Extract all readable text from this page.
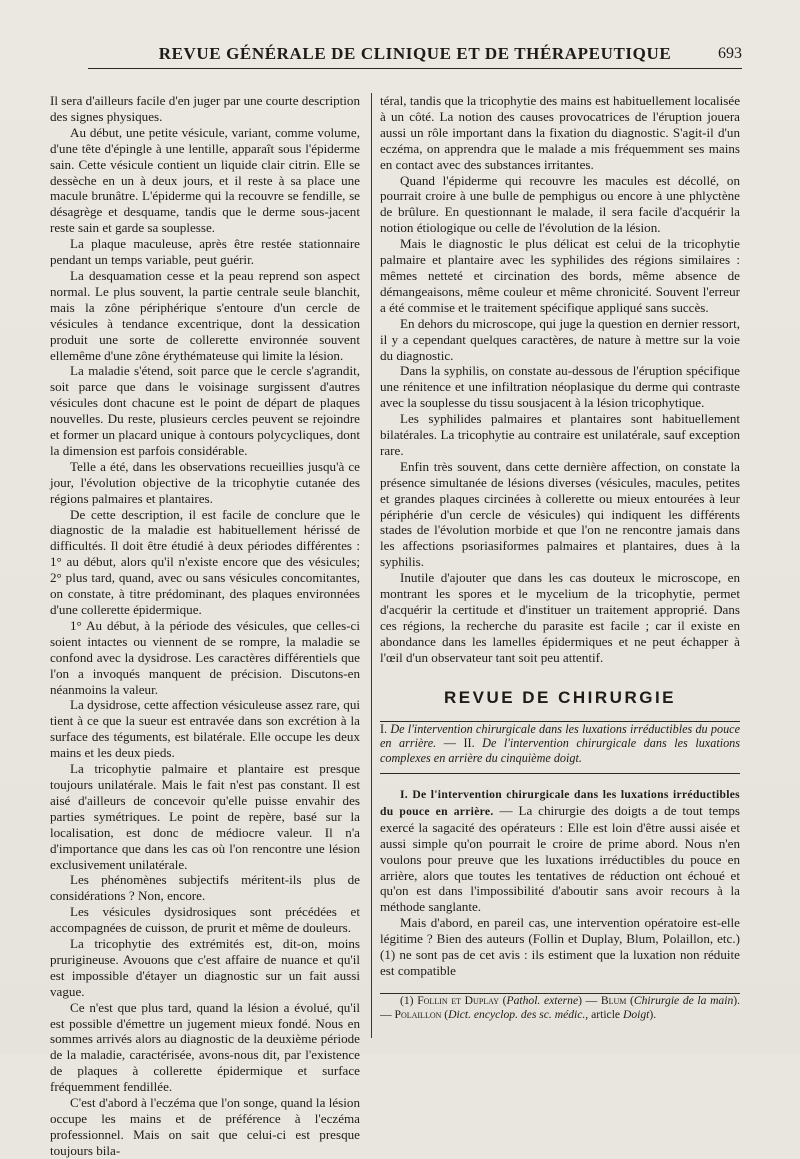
REVUE GÉNÉRALE DE CLINIQUE ET DE THÉRAPEUTIQUE	693

Il sera d'ailleurs facile d'en juger par une courte description des signes physiques.

Au début, une petite vésicule, variant, comme volume, d'une tête d'épingle à une lentille, apparaît sous l'épiderme sain. Cette vésicule contient un liquide clair citrin. Elle se dessèche en un à deux jours, et il reste à sa place une macule brunâtre. L'épiderme qui la recouvre se fendille, se désagrège et desquame, tandis que le derme sous-jacent reste sain et garde sa souplesse.

La plaque maculeuse, après être restée stationnaire pendant un temps variable, peut guérir.

La desquamation cesse et la peau reprend son aspect normal. Le plus souvent, la partie centrale seule blanchit, mais la zône périphérique s'entoure d'un cercle de vésicules à tendance excentrique, dont la dessication produit une sorte de collerette environnée souvent ellemême d'une zône érythémateuse qui limite la lésion.

La maladie s'étend, soit parce que le cercle s'agrandit, soit parce que dans le voisinage surgissent d'autres vésicules dont chacune est le point de départ de plaques nouvelles. Du reste, plusieurs cercles peuvent se rejoindre et former un placard unique à contours polycycliques, dont la dimension est parfois considérable.

Telle a été, dans les observations recueillies jusqu'à ce jour, l'évolution objective de la tricophytie cutanée des régions palmaires et plantaires.

De cette description, il est facile de conclure que le diagnostic de la maladie est habituellement hérissé de difficultés. Il doit être étudié à deux périodes différentes : 1° au début, alors qu'il n'existe encore que des vésicules; 2° plus tard, quand, avec ou sans vésicules concomitantes, on constate, à titre prédominant, des plaques environnées d'une collerette épidermique.

1° Au début, à la période des vésicules, que celles-ci soient intactes ou viennent de se rompre, la maladie se confond avec la dysidrose. Les caractères différentiels que l'on a invoqués manquent de précision. Discutons-en néanmoins la valeur.

La dysidrose, cette affection vésiculeuse assez rare, qui tient à ce que la sueur est entravée dans son excrétion à la surface des téguments, est bilatérale. Elle occupe les deux mains et les deux pieds.

La tricophytie palmaire et plantaire est presque toujours unilatérale. Mais le fait n'est pas constant. Il est aisé d'ailleurs de concevoir qu'elle puisse envahir des parties symétriques. Le point de repère, basé sur la localisation, est donc de médiocre valeur. Il n'a d'importance que dans les cas où l'on rencontre une lésion exclusivement unilatérale.

Les phénomènes subjectifs méritent-ils plus de considérations ? Non, encore.

Les vésicules dysidrosiques sont précédées et accompagnées de cuisson, de prurit et même de douleurs.

La tricophytie des extrémités est, dit-on, moins prurigineuse. Avouons que c'est affaire de nuance et qu'il est impossible d'étayer un diagnostic sur un fait aussi vague.

Ce n'est que plus tard, quand la lésion a évolué, qu'il est possible d'émettre un jugement mieux fondé. Nous en sommes arrivés alors au diagnostic de la deuxième période de la maladie, caractérisée, avons-nous dit, par l'existence de plaques à collerette épidermique et surface fréquemment fendillée.

C'est d'abord à l'eczéma que l'on songe, quand la lésion occupe les mains et de préférence à l'eczéma professionnel. Mais on sait que celui-ci est presque toujours bila-

téral, tandis que la tricophytie des mains est habituellement localisée à un côté. La notion des causes provocatrices de l'éruption jouera aussi un rôle important dans la fixation du diagnostic. S'agit-il d'un eczéma, on apprendra que le malade a mis fréquemment ses mains en contact avec des substances irritantes.

Quand l'épiderme qui recouvre les macules est décollé, on pourrait croire à une bulle de pemphigus ou encore à une phlyctène de brûlure. En questionnant le malade, il sera facile d'acquérir la notion étiologique ou celle de l'évolution de la lésion.

Mais le diagnostic le plus délicat est celui de la tricophytie palmaire et plantaire avec les syphilides des régions similaires : mêmes netteté et circination des bords, même absence de démangeaisons, même couleur et même chronicité. Souvent l'erreur a été commise et le traitement spécifique appliqué sans succès.

En dehors du microscope, qui juge la question en dernier ressort, il y a cependant quelques caractères, de nature à mettre sur la voie du diagnostic.

Dans la syphilis, on constate au-dessous de l'éruption spécifique une rénitence et une infiltration néoplasique du derme qui contraste avec la souplesse du tissu sousjacent à la lésion tricophytique.

Les syphilides palmaires et plantaires sont habituellement bilatérales. La tricophytie au contraire est unilatérale, sauf exception rare.

Enfin très souvent, dans cette dernière affection, on constate la présence simultanée de lésions diverses (vésicules, macules, petites et grandes plaques circinées à collerette ou mieux entourées à leur périphérie d'un cercle de vésicules) qui indiquent les différents stades de l'évolution morbide et que l'on ne rencontre jamais dans les affections psoriasiformes palmaires et plantaires, dues à la syphilis.

Inutile d'ajouter que dans les cas douteux le microscope, en montrant les spores et le mycelium de la tricophytie, permet d'acquérir la certitude et d'instituer un traitement approprié. Dans ces régions, la recherche du parasite est facile ; car il existe en abondance dans les lamelles épidermiques et ne peut échapper à l'œil d'un observateur tant soit peu attentif.

REVUE DE CHIRURGIE

I. De l'intervention chirurgicale dans les luxations irréductibles du pouce en arrière. — II. De l'intervention chirurgicale dans les luxations complexes en arrière du cinquième doigt.

I. De l'intervention chirurgicale dans les luxations irréductibles du pouce en arrière. — La chirurgie des doigts a de tout temps exercé la sagacité des opérateurs : Elle est loin d'être aussi aisée et aussi simple qu'on pourrait le croire de prime abord. Nous n'en voulons pour preuve que les luxations irréductibles du pouce en arrière, alors que toutes les tentatives de réduction ont échoué et qu'on est dans l'impossibilité d'aboutir sans avoir recours à la méthode sanglante.

Mais d'abord, en pareil cas, une intervention opératoire est-elle légitime ? Bien des auteurs (Follin et Duplay, Blum, Polaillon, etc.) (1) ne sont pas de cet avis : ils estiment que la luxation non réduite est compatible

(1) Follin et Duplay (Pathol. externe) — Blum (Chirurgie de la main). — Polaillon (Dict. encyclop. des sc. médic., article Doigt).
